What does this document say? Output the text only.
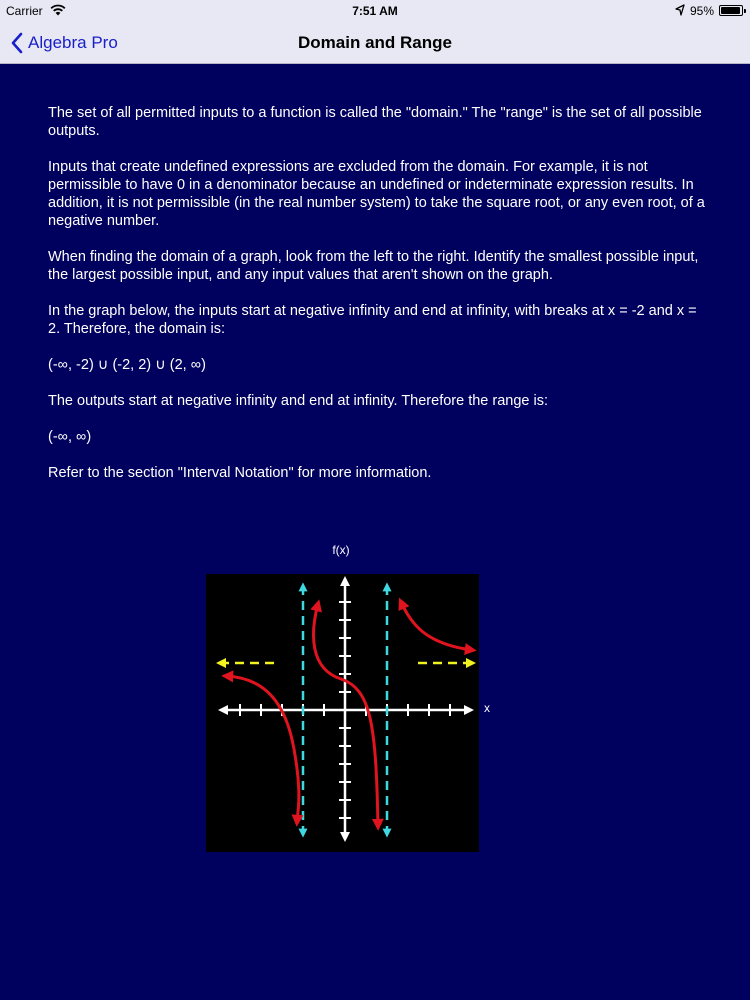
Carrier	7:51 AM	95%
Algebra Pro	Domain and Range

The set of all permitted inputs to a function is called the "domain." The "range" is the set of all possible outputs.

Inputs that create undefined expressions are excluded from the domain. For example, it is not permissible to have 0 in a denominator because an undefined or indeterminate expression results. In addition, it is not permissible (in the real number system) to take the square root, or any even root, of a negative number.

When finding the domain of a graph, look from the left to the right. Identify the smallest possible input, the largest possible input, and any input values that aren't shown on the graph.

In the graph below, the inputs start at negative infinity and end at infinity, with breaks at x = -2 and x = 2. Therefore, the domain is:

(-∞, -2) ∪ (-2, 2) ∪ (2, ∞)

The outputs start at negative infinity and end at infinity. Therefore the range is:

(-∞, ∞)

Refer to the section "Interval Notation" for more information.

f(x)
x
